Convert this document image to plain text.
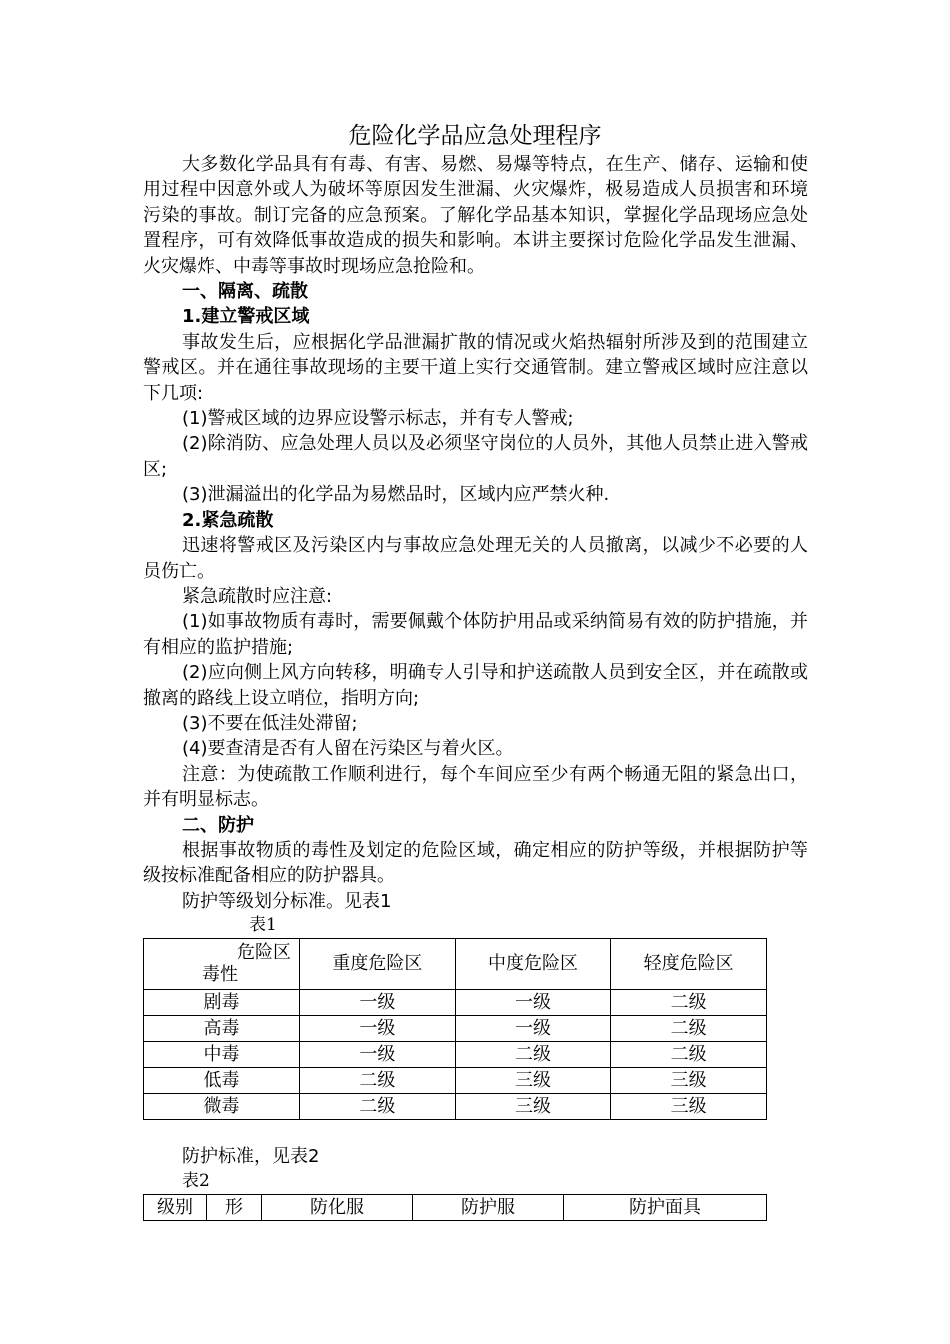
危险化学品应急处理程序

大多数化学品具有有毒、有害、易燃、易爆等特点，在生产、储存、运输和使用过程中因意外或人为破坏等原因发生泄漏、火灾爆炸，极易造成人员损害和环境污染的事故。制订完备的应急预案。了解化学品基本知识，掌握化学品现场应急处置程序，可有效降低事故造成的损失和影响。本讲主要探讨危险化学品发生泄漏、火灾爆炸、中毒等事故时现场应急抢险和。

一、隔离、疏散

1.建立警戒区域

事故发生后，应根据化学品泄漏扩散的情况或火焰热辐射所涉及到的范围建立警戒区。并在通往事故现场的主要干道上实行交通管制。建立警戒区域时应注意以下几项:

(1)警戒区域的边界应设警示标志，并有专人警戒;

(2)除消防、应急处理人员以及必须坚守岗位的人员外，其他人员禁止进入警戒区;

(3)泄漏溢出的化学品为易燃品时，区域内应严禁火种.

2.紧急疏散

迅速将警戒区及污染区内与事故应急处理无关的人员撤离，以减少不必要的人员伤亡。

紧急疏散时应注意:

(1)如事故物质有毒时，需要佩戴个体防护用品或采纳简易有效的防护措施，并有相应的监护措施;

(2)应向侧上风方向转移，明确专人引导和护送疏散人员到安全区，并在疏散或撤离的路线上设立哨位，指明方向;

(3)不要在低洼处滞留;

(4)要查清是否有人留在污染区与着火区。

注意：为使疏散工作顺利进行，每个车间应至少有两个畅通无阻的紧急出口，并有明显标志。

二、防护

根据事故物质的毒性及划定的危险区域，确定相应的防护等级，并根据防护等级按标准配备相应的防护器具。

防护等级划分标准。见表1

表1

危险区
毒性	重度危险区	中度危险区	轻度危险区
剧毒	一级	一级	二级
高毒	一级	一级	二级
中毒	一级	二级	二级
低毒	二级	三级	三级
微毒	二级	三级	三级

防护标准，见表2

表2

级别	形	防化服	防护服	防护面具
